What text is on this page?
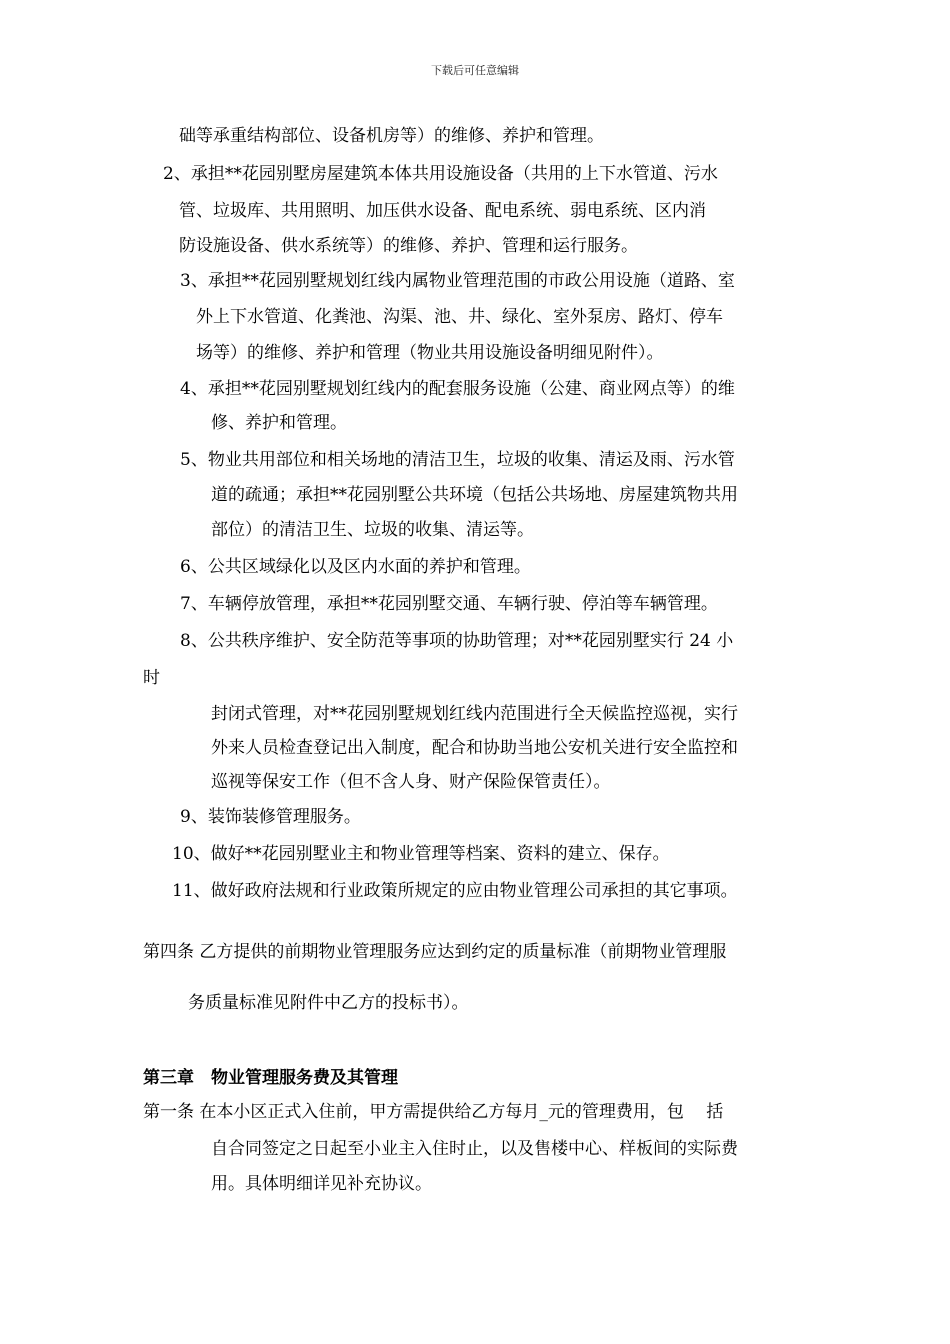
下载后可任意编辑
础等承重结构部位、设备机房等）的维修、养护和管理。
2、承担**花园别墅房屋建筑本体共用设施设备（共用的上下水管道、污水
管、垃圾库、共用照明、加压供水设备、配电系统、弱电系统、区内消
防设施设备、供水系统等）的维修、养护、管理和运行服务。
3、承担**花园别墅规划红线内属物业管理范围的市政公用设施（道路、室
外上下水管道、化粪池、沟渠、池、井、绿化、室外泵房、路灯、停车
场等）的维修、养护和管理（物业共用设施设备明细见附件）。
4、承担**花园别墅规划红线内的配套服务设施（公建、商业网点等）的维
修、养护和管理。
5、物业共用部位和相关场地的清洁卫生，垃圾的收集、清运及雨、污水管
道的疏通；承担**花园别墅公共环境（包括公共场地、房屋建筑物共用
部位）的清洁卫生、垃圾的收集、清运等。
6、公共区域绿化以及区内水面的养护和管理。
7、车辆停放管理，承担**花园别墅交通、车辆行驶、停泊等车辆管理。
8、公共秩序维护、安全防范等事项的协助管理；对**花园别墅实行 24 小
时
封闭式管理，对**花园别墅规划红线内范围进行全天候监控巡视，实行
外来人员检查登记出入制度，配合和协助当地公安机关进行安全监控和
巡视等保安工作（但不含人身、财产保险保管责任）。
9、装饰装修管理服务。
10、做好**花园别墅业主和物业管理等档案、资料的建立、保存。
11、做好政府法规和行业政策所规定的应由物业管理公司承担的其它事项。
第四条 乙方提供的前期物业管理服务应达到约定的质量标准（前期物业管理服
务质量标准见附件中乙方的投标书）。
第三章　物业管理服务费及其管理
第一条 在本小区正式入住前，甲方需提供给乙方每月_元的管理费用，包　 括
自合同签定之日起至小业主入住时止，以及售楼中心、样板间的实际费
用。具体明细详见补充协议。
